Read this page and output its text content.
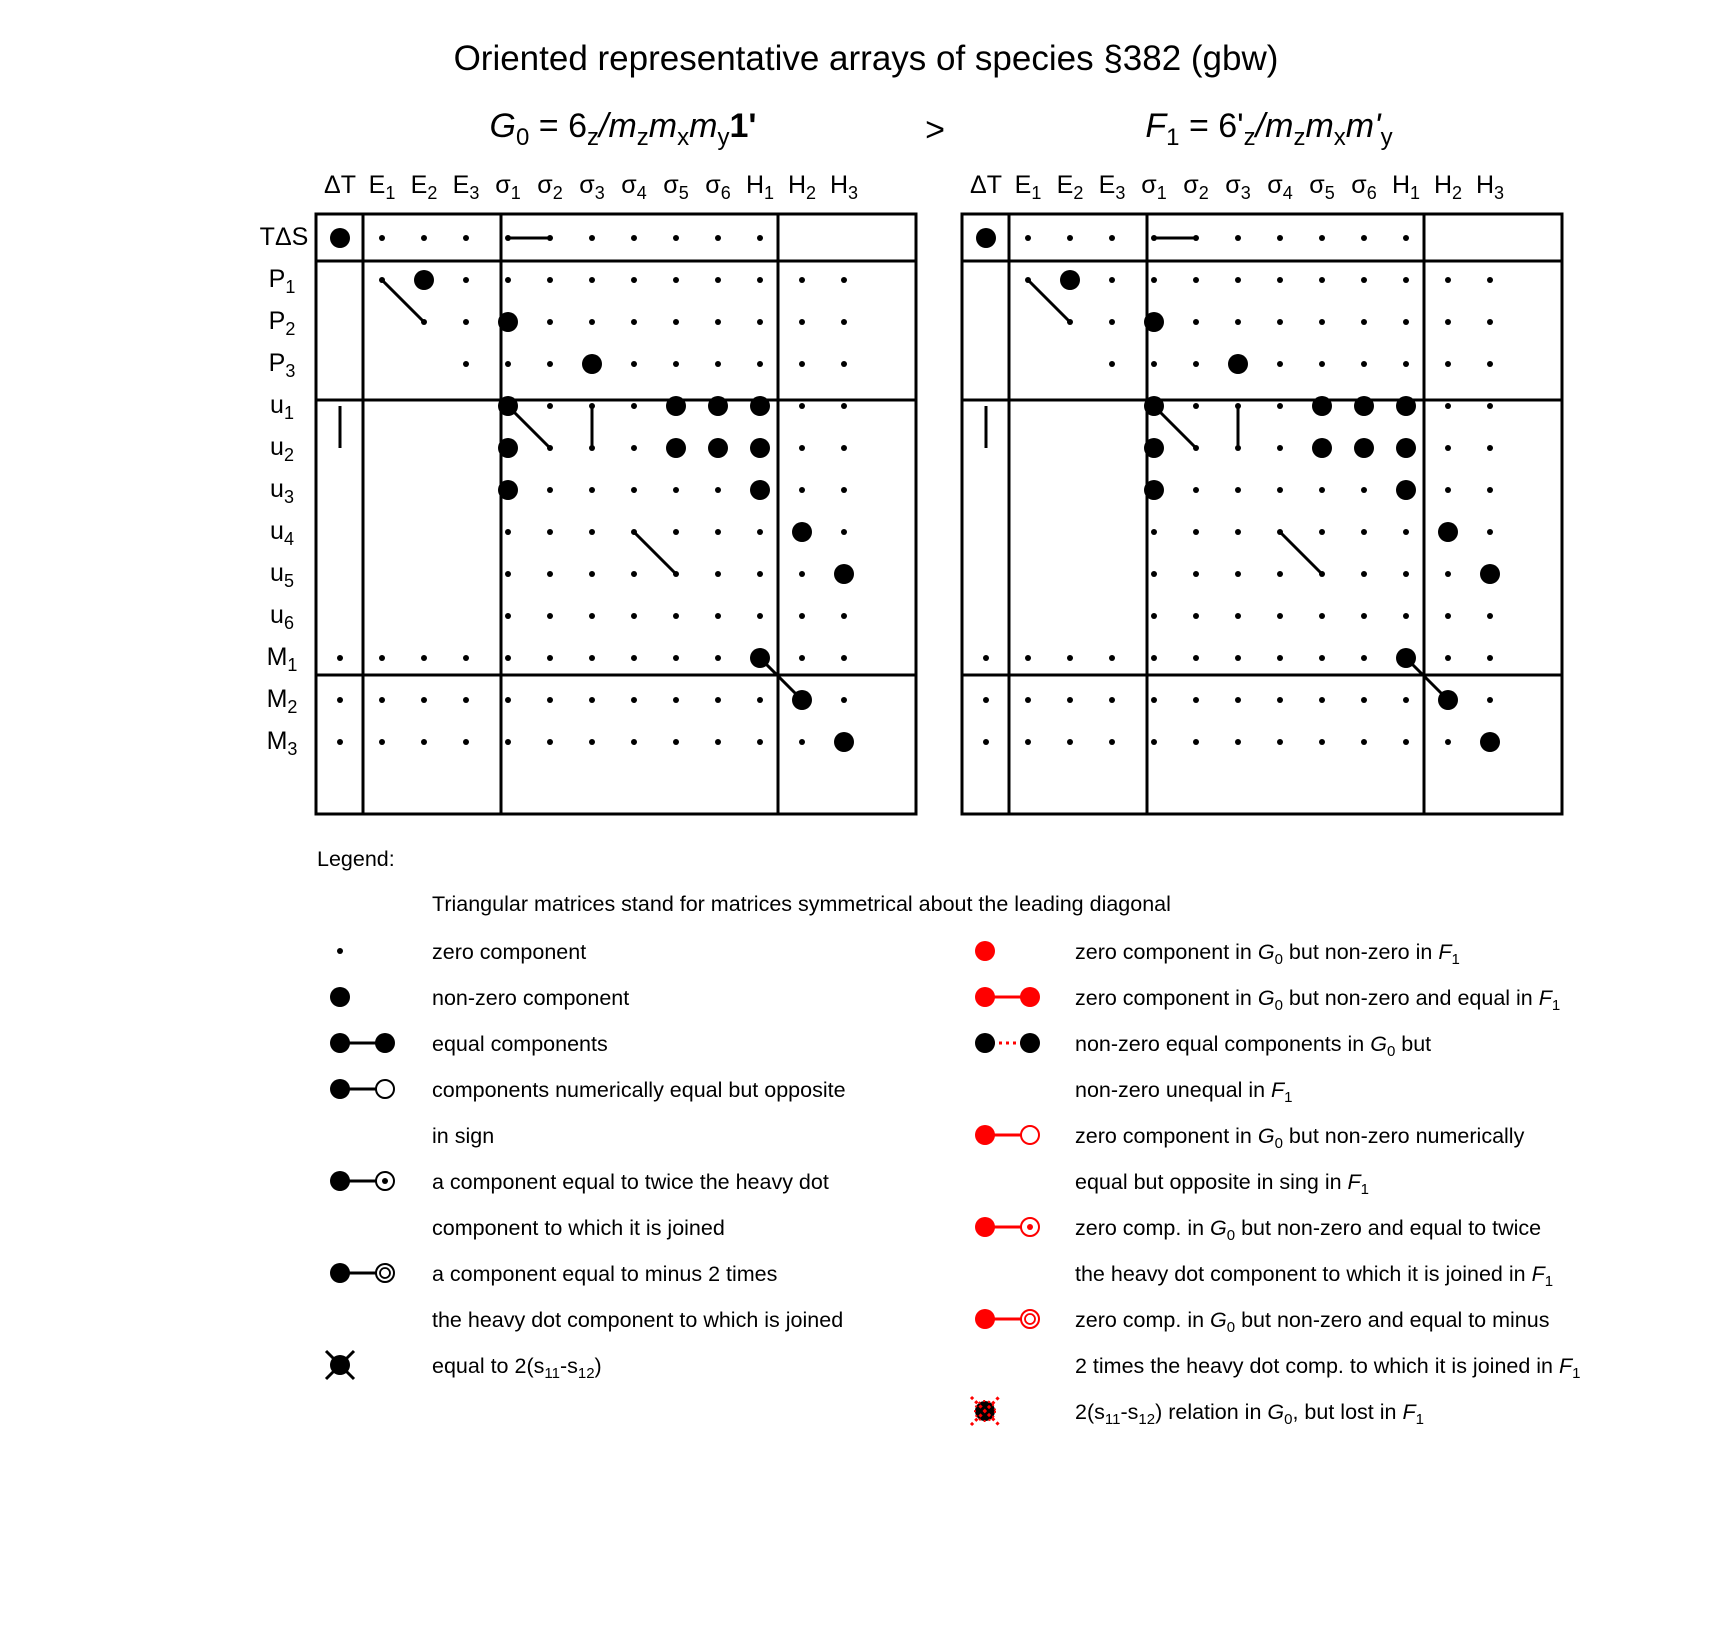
Oriented representative arrays of species §382 (gbw)
>
G0 = 6z/mzmxmy1'
ΔT E1 E2 E3 σ1 σ2 σ3 σ4 σ5 σ6 H1 H2 H3
TΔS
P1
P2
P3
u1
u2
u3
u4
u5
u6
M1
M2
M3
F1 = 6'z/mzmxm'y
ΔT E1 E2 E3 σ1 σ2 σ3 σ4 σ5 σ6 H1 H2 H3
Legend:
Triangular matrices stand for matrices symmetrical about the leading diagonal
zero component
non-zero component
equal components
components numerically equal but opposite
in sign
a component equal to twice the heavy dot
component to which it is joined
a component equal to minus 2 times
the heavy dot component to which is joined
equal to 2(s11-s12)
zero component in G0 but non-zero in F1
zero component in G0 but non-zero and equal in F1
non-zero equal components in G0 but
non-zero unequal in F1
zero component in G0 but non-zero numerically
equal but opposite in sing in F1
zero comp. in G0 but non-zero and equal to twice
the heavy dot component to which it is joined in F1
zero comp. in G0 but non-zero and equal to minus
2 times the heavy dot comp. to which it is joined in F1
2(s11-s12) relation in G0, but lost in F1
